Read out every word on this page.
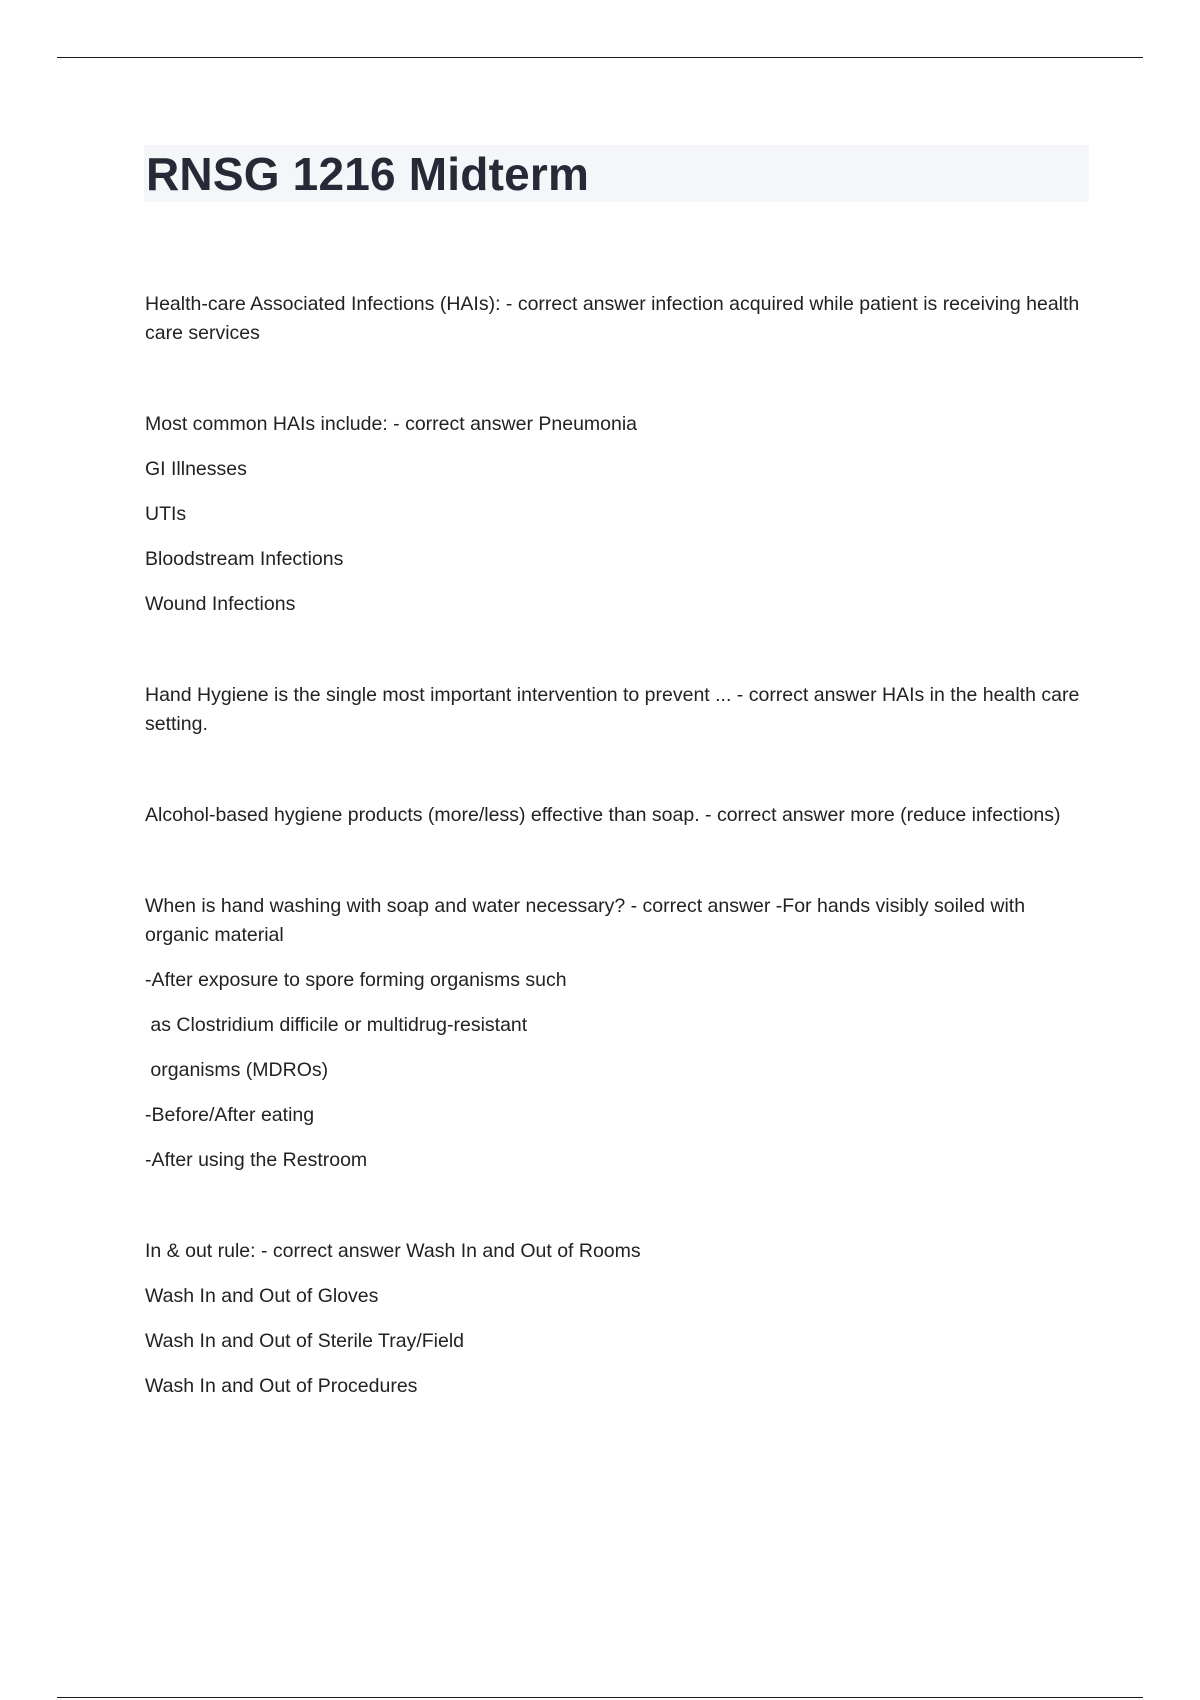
RNSG 1216 Midterm

Health-care Associated Infections (HAIs): - correct answer infection acquired while patient is receiving health care services

Most common HAIs include: - correct answer Pneumonia

GI Illnesses

UTIs

Bloodstream Infections

Wound Infections

Hand Hygiene is the single most important intervention to prevent ... - correct answer HAIs in the health care setting.

Alcohol-based hygiene products (more/less) effective than soap. - correct answer more (reduce infections)

When is hand washing with soap and water necessary? - correct answer -For hands visibly soiled with organic material

-After exposure to spore forming organisms such

as Clostridium difficile or multidrug-resistant

organisms (MDROs)

-Before/After eating

-After using the Restroom

In & out rule: - correct answer Wash In and Out of Rooms

Wash In and Out of Gloves

Wash In and Out of Sterile Tray/Field

Wash In and Out of Procedures
